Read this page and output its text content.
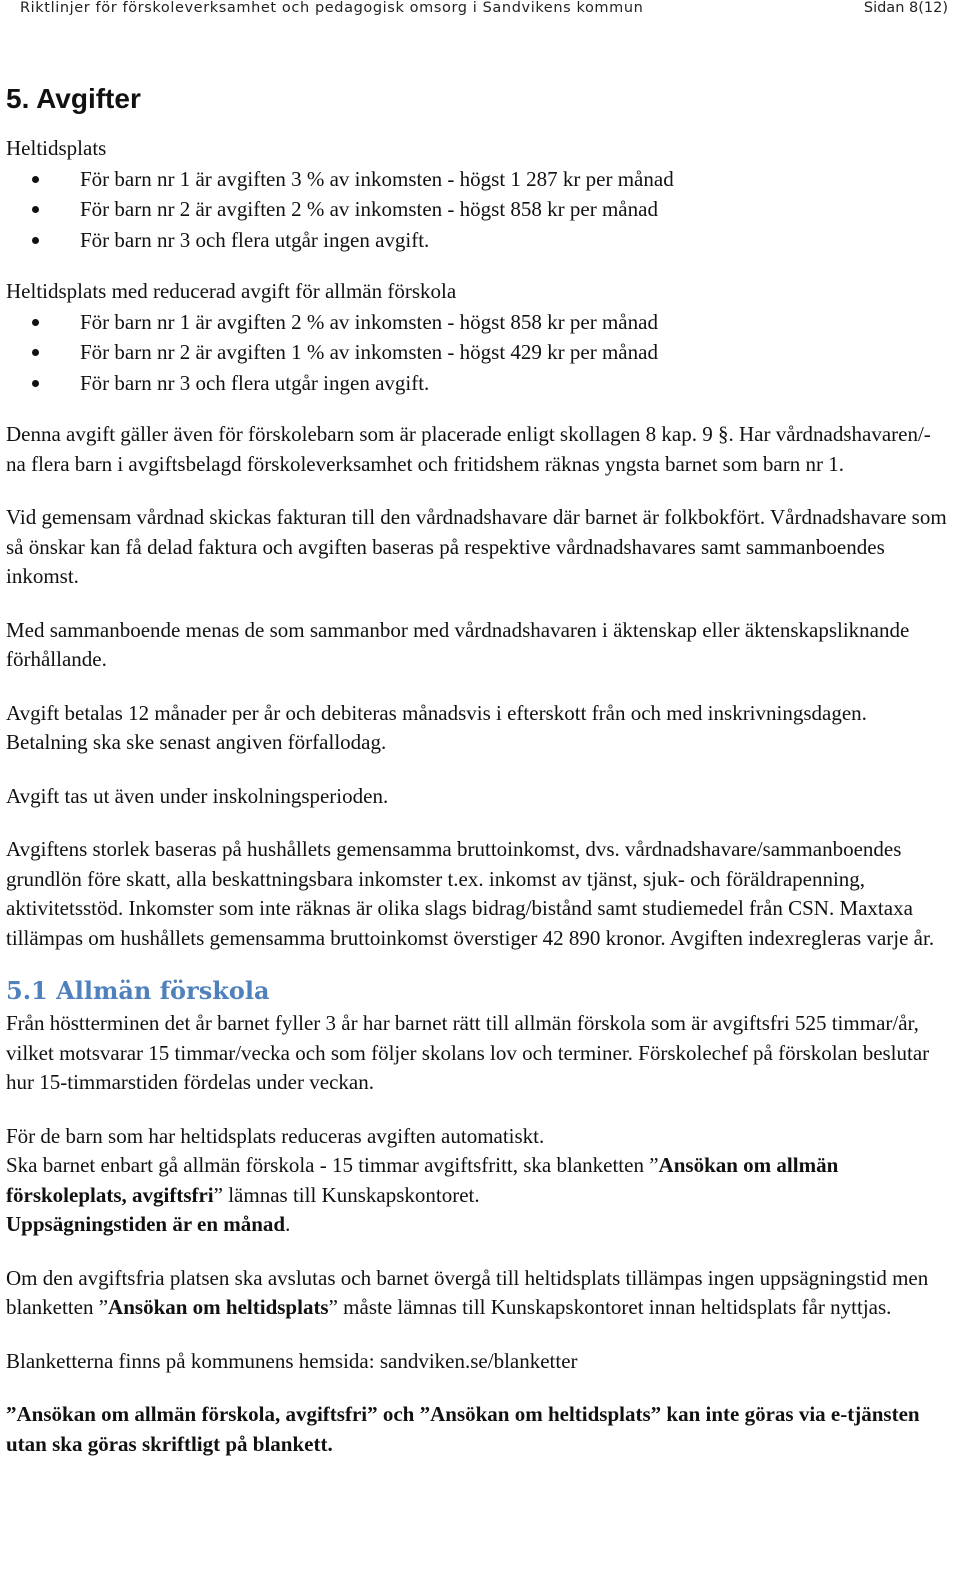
Riktlinjer för förskoleverksamhet och pedagogisk omsorg i Sandvikens kommun	Sidan 8(12)
5. Avgifter

Heltidsplats

För barn nr 1 är avgiften 3 % av inkomsten - högst 1 287 kr per månad
För barn nr 2 är avgiften 2 % av inkomsten - högst 858 kr per månad
För barn nr 3 och flera utgår ingen avgift.

Heltidsplats med reducerad avgift för allmän förskola

För barn nr 1 är avgiften 2 % av inkomsten - högst 858 kr per månad
För barn nr 2 är avgiften 1 % av inkomsten - högst 429 kr per månad
För barn nr 3 och flera utgår ingen avgift.

Denna avgift gäller även för förskolebarn som är placerade enligt skollagen 8 kap. 9 §. Har vårdnadshavaren/-na flera barn i avgiftsbelagd förskoleverksamhet och fritidshem räknas yngsta barnet som barn nr 1.

Vid gemensam vårdnad skickas fakturan till den vårdnadshavare där barnet är folkbokfört. Vårdnadshavare som så önskar kan få delad faktura och avgiften baseras på respektive vårdnadshavares samt sammanboendes inkomst.

Med sammanboende menas de som sammanbor med vårdnadshavaren i äktenskap eller äktenskapsliknande förhållande.

Avgift betalas 12 månader per år och debiteras månadsvis i efterskott från och med inskrivningsdagen. Betalning ska ske senast angiven förfallodag.

Avgift tas ut även under inskolningsperioden.

Avgiftens storlek baseras på hushållets gemensamma bruttoinkomst, dvs. vårdnadshavare/sammanboendes grundlön före skatt, alla beskattningsbara inkomster t.ex. inkomst av tjänst, sjuk- och föräldrapenning, aktivitetsstöd. Inkomster som inte räknas är olika slags bidrag/bistånd samt studiemedel från CSN. Maxtaxa tillämpas om hushållets gemensamma bruttoinkomst överstiger 42 890 kronor. Avgiften indexregleras varje år.

5.1 Allmän förskola

Från höstterminen det år barnet fyller 3 år har barnet rätt till allmän förskola som är avgiftsfri 525 timmar/år, vilket motsvarar 15 timmar/vecka och som följer skolans lov och terminer. Förskolechef på förskolan beslutar hur 15-timmarstiden fördelas under veckan.

För de barn som har heltidsplats reduceras avgiften automatiskt.
Ska barnet enbart gå allmän förskola - 15 timmar avgiftsfritt, ska blanketten ”Ansökan om allmän förskoleplats, avgiftsfri” lämnas till Kunskapskontoret.
Uppsägningstiden är en månad.

Om den avgiftsfria platsen ska avslutas och barnet övergå till heltidsplats tillämpas ingen uppsägningstid men blanketten ”Ansökan om heltidsplats” måste lämnas till Kunskapskontoret innan heltidsplats får nyttjas.

Blanketterna finns på kommunens hemsida: sandviken.se/blanketter

”Ansökan om allmän förskola, avgiftsfri” och ”Ansökan om heltidsplats” kan inte göras via e-tjänsten utan ska göras skriftligt på blankett.
